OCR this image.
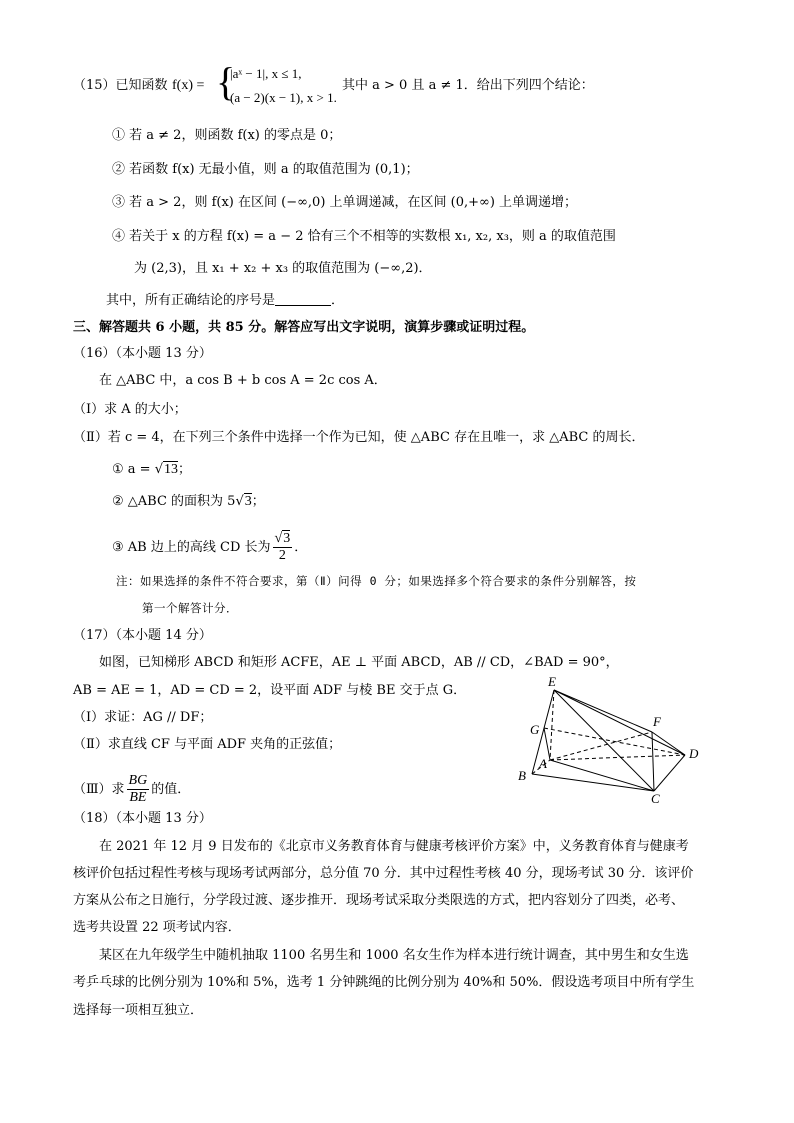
（15）已知函数 f(x) = {
|aˣ − 1|, x ≤ 1,
(a − 2)(x − 1), x > 1.
其中 a > 0 且 a ≠ 1．给出下列四个结论：
① 若 a ≠ 2，则函数 f(x) 的零点是 0；
② 若函数 f(x) 无最小值，则 a 的取值范围为 (0,1)；
③ 若 a > 2，则 f(x) 在区间 (−∞,0) 上单调递减，在区间 (0,+∞) 上单调递增；
④ 若关于 x 的方程 f(x) = a − 2 恰有三个不相等的实数根 x₁, x₂, x₃，则 a 的取值范围
为 (2,3)，且 x₁ + x₂ + x₃ 的取值范围为 (−∞,2)．
其中，所有正确结论的序号是	．
三、解答题共 6 小题，共 85 分。解答应写出文字说明，演算步骤或证明过程。
（16）（本小题 13 分）
在 △ABC 中，a cos B + b cos A = 2c cos A．
（Ⅰ）求 A 的大小；
（Ⅱ）若 c = 4，在下列三个条件中选择一个作为已知，使 △ABC 存在且唯一，求 △ABC 的周长．
① a = √13；
② △ABC 的面积为 5√3；
③ AB 边上的高线 CD 长为 $\frac{√3}{2}$ ．
注：如果选择的条件不符合要求，第（Ⅱ）问得 0 分；如果选择多个符合要求的条件分别解答，按
第一个解答计分．
（17）（本小题 14 分）
如图，已知梯形 ABCD 和矩形 ACFE，AE ⊥ 平面 ABCD，AB // CD，∠BAD = 90°，
AB = AE = 1，AD = CD = 2，设平面 ADF 与棱 BE 交于点 G．
（Ⅰ）求证：AG // DF；
（Ⅱ）求直线 CF 与平面 ADF 夹角的正弦值；
（Ⅲ）求 $\frac{BG}{BE}$ 的值．
E
F
G
A
B
C
D
（18）（本小题 13 分）
在 2021 年 12 月 9 日发布的《北京市义务教育体育与健康考核评价方案》中，义务教育体育与健康考
核评价包括过程性考核与现场考试两部分，总分值 70 分．其中过程性考核 40 分，现场考试 30 分．该评价
方案从公布之日施行，分学段过渡、逐步推开．现场考试采取分类限选的方式，把内容划分了四类，必考、
选考共设置 22 项考试内容．
某区在九年级学生中随机抽取 1100 名男生和 1000 名女生作为样本进行统计调查，其中男生和女生选
考乒乓球的比例分别为 10%和 5%，选考 1 分钟跳绳的比例分别为 40%和 50%．假设选考项目中所有学生
选择每一项相互独立．
